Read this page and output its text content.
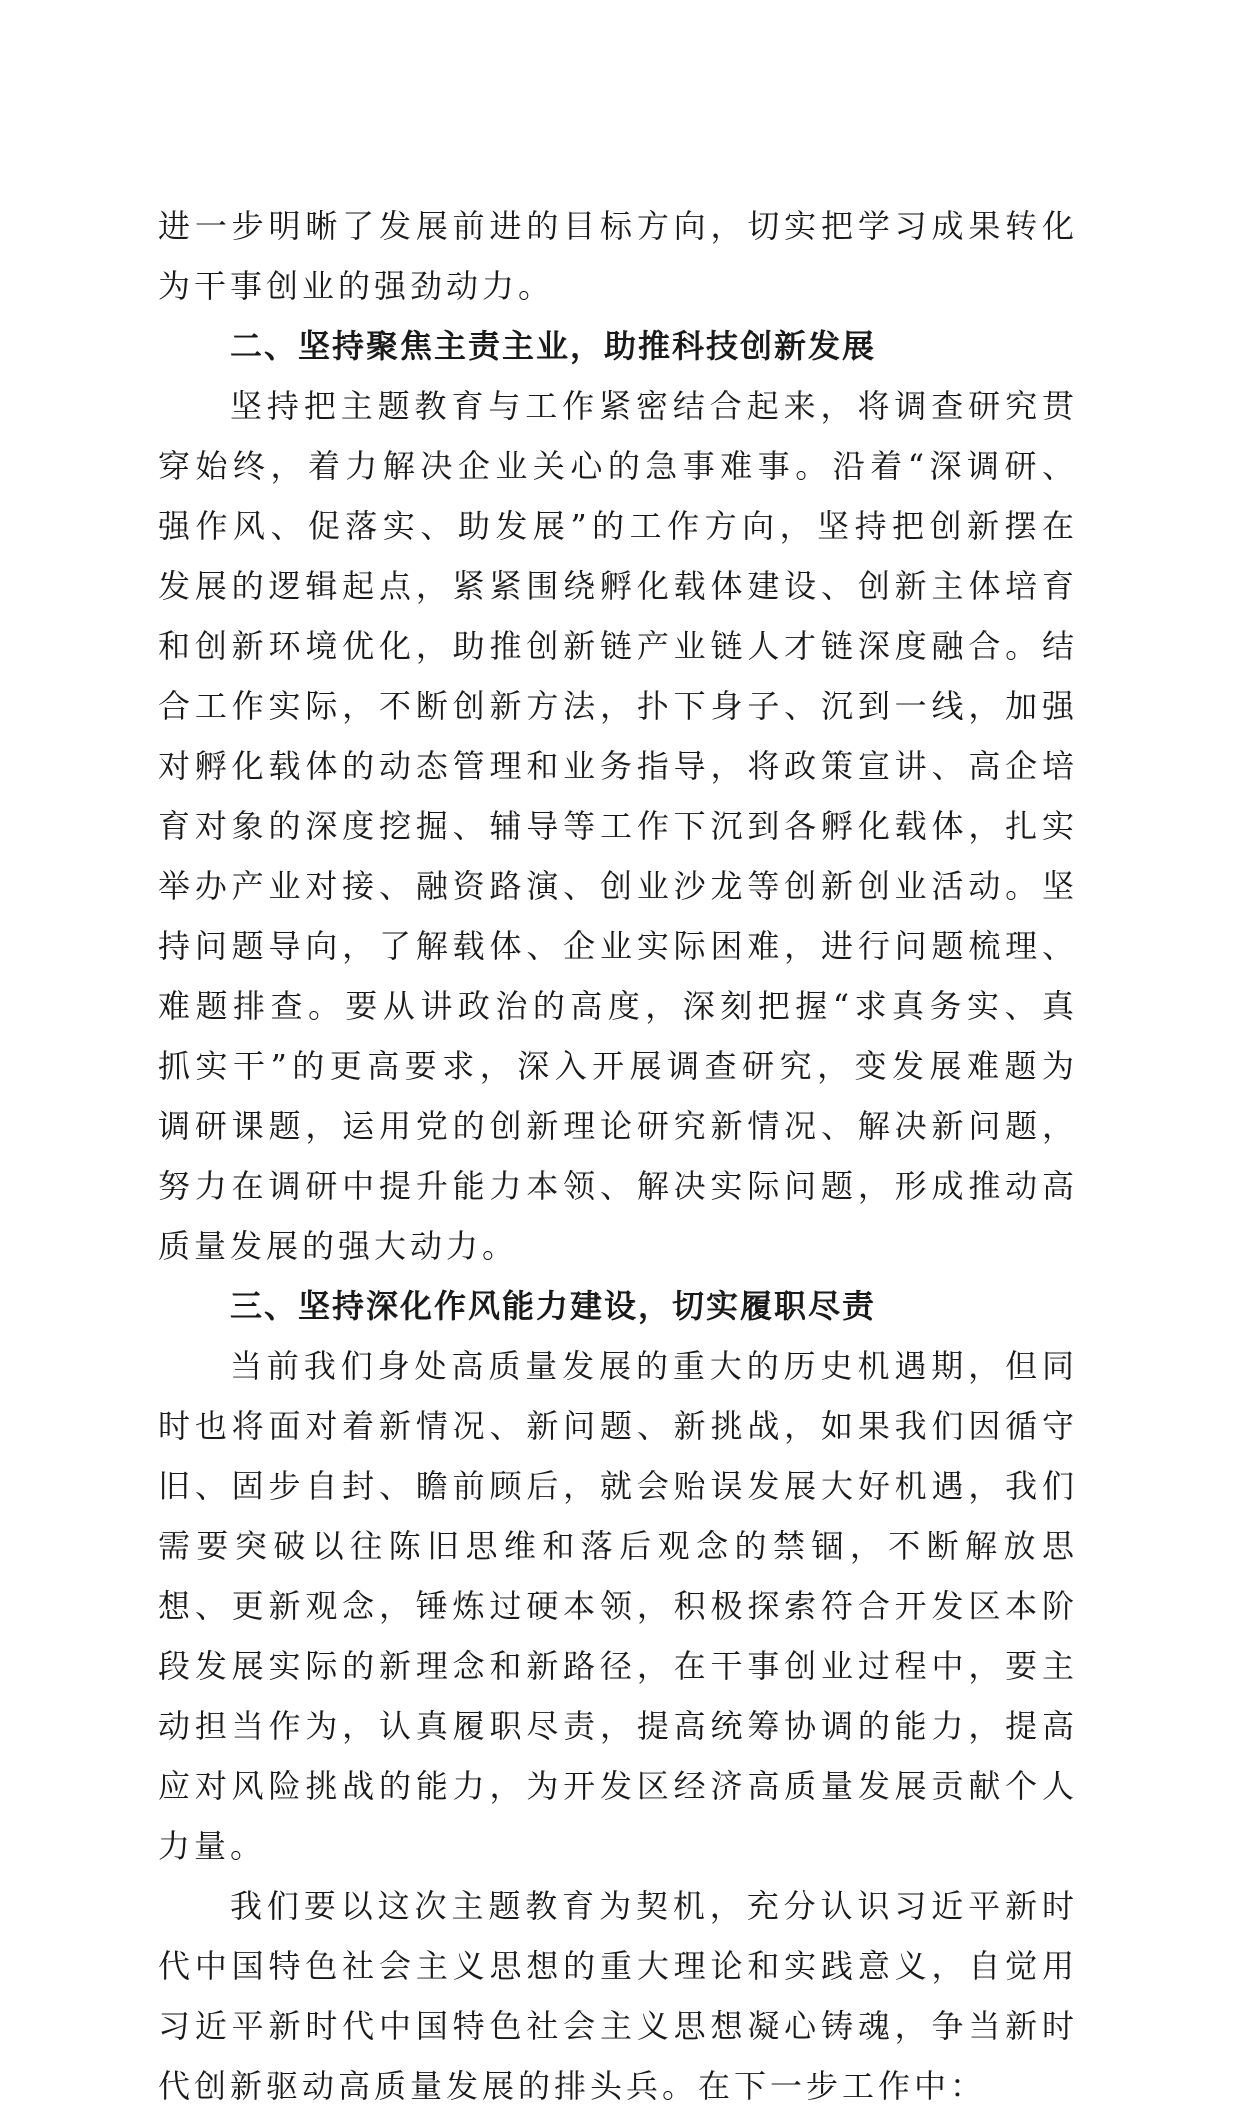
进一步明晰了发展前进的目标方向，切实把学习成果转化为干事创业的强劲动力。

二、坚持聚焦主责主业，助推科技创新发展

坚持把主题教育与工作紧密结合起来，将调查研究贯穿始终，着力解决企业关心的急事难事。沿着“深调研、强作风、促落实、助发展”的工作方向，坚持把创新摆在发展的逻辑起点，紧紧围绕孵化载体建设、创新主体培育和创新环境优化，助推创新链产业链人才链深度融合。结合工作实际，不断创新方法，扑下身子、沉到一线，加强对孵化载体的动态管理和业务指导，将政策宣讲、高企培育对象的深度挖掘、辅导等工作下沉到各孵化载体，扎实举办产业对接、融资路演、创业沙龙等创新创业活动。坚持问题导向，了解载体、企业实际困难，进行问题梳理、难题排查。要从讲政治的高度，深刻把握“求真务实、真抓实干”的更高要求，深入开展调查研究，变发展难题为调研课题，运用党的创新理论研究新情况、解决新问题，努力在调研中提升能力本领、解决实际问题，形成推动高质量发展的强大动力。

三、坚持深化作风能力建设，切实履职尽责

当前我们身处高质量发展的重大的历史机遇期，但同时也将面对着新情况、新问题、新挑战，如果我们因循守旧、固步自封、瞻前顾后，就会贻误发展大好机遇，我们需要突破以往陈旧思维和落后观念的禁锢，不断解放思想、更新观念，锤炼过硬本领，积极探索符合开发区本阶段发展实际的新理念和新路径，在干事创业过程中，要主动担当作为，认真履职尽责，提高统筹协调的能力，提高应对风险挑战的能力，为开发区经济高质量发展贡献个人力量。

我们要以这次主题教育为契机，充分认识习近平新时代中国特色社会主义思想的重大理论和实践意义，自觉用习近平新时代中国特色社会主义思想凝心铸魂，争当新时代创新驱动高质量发展的排头兵。在下一步工作中：
